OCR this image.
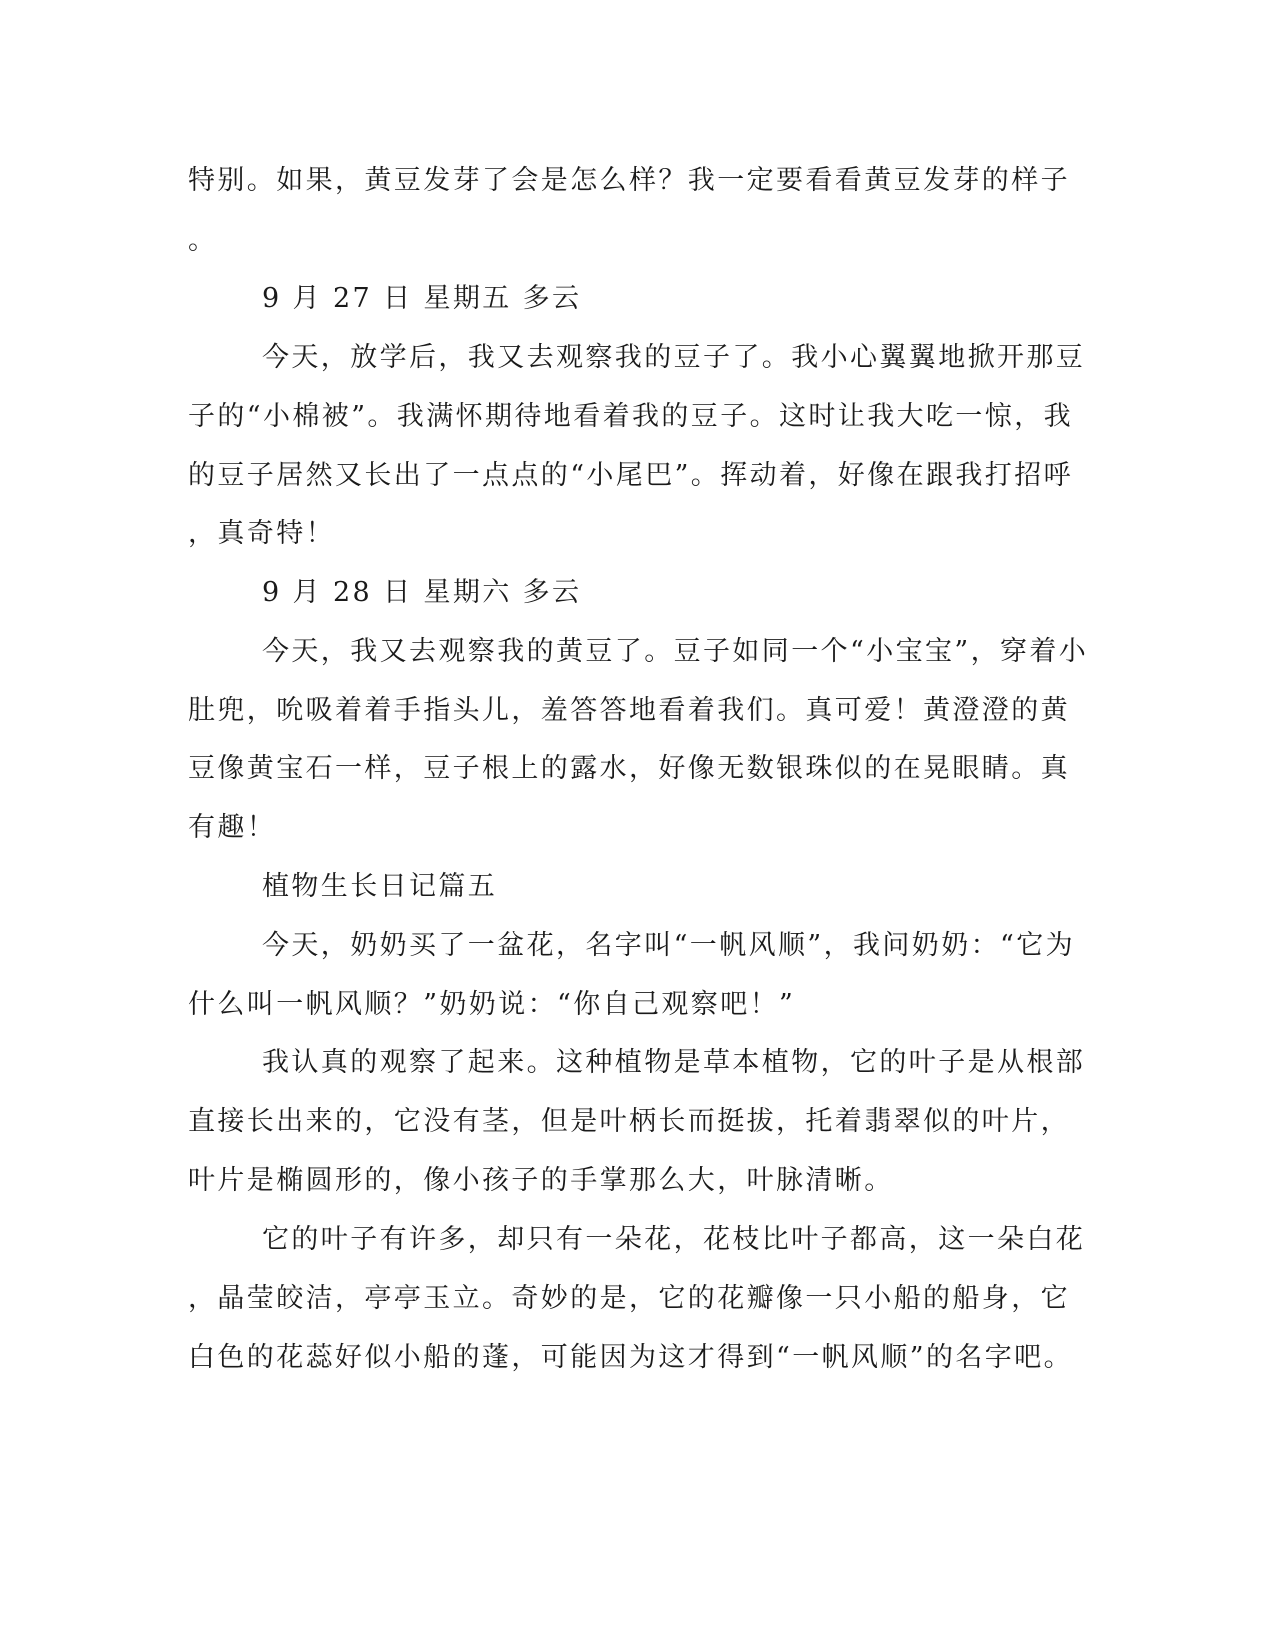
特别。如果，黄豆发芽了会是怎么样？我一定要看看黄豆发芽的样子
。
9 月 27 日 星期五 多云
今天，放学后，我又去观察我的豆子了。我小心翼翼地掀开那豆
子的“小棉被”。我满怀期待地看着我的豆子。这时让我大吃一惊，我
的豆子居然又长出了一点点的“小尾巴”。挥动着，好像在跟我打招呼
，真奇特！
9 月 28 日 星期六 多云
今天，我又去观察我的黄豆了。豆子如同一个“小宝宝”，穿着小
肚兜，吮吸着着手指头儿，羞答答地看着我们。真可爱！黄澄澄的黄
豆像黄宝石一样，豆子根上的露水，好像无数银珠似的在晃眼睛。真
有趣！
植物生长日记篇五
今天，奶奶买了一盆花，名字叫“一帆风顺”，我问奶奶：“它为
什么叫一帆风顺？”奶奶说：“你自己观察吧！”
我认真的观察了起来。这种植物是草本植物，它的叶子是从根部
直接长出来的，它没有茎，但是叶柄长而挺拔，托着翡翠似的叶片，
叶片是椭圆形的，像小孩子的手掌那么大，叶脉清晰。
它的叶子有许多，却只有一朵花，花枝比叶子都高，这一朵白花
，晶莹皎洁，亭亭玉立。奇妙的是，它的花瓣像一只小船的船身，它
白色的花蕊好似小船的蓬，可能因为这才得到“一帆风顺”的名字吧。
